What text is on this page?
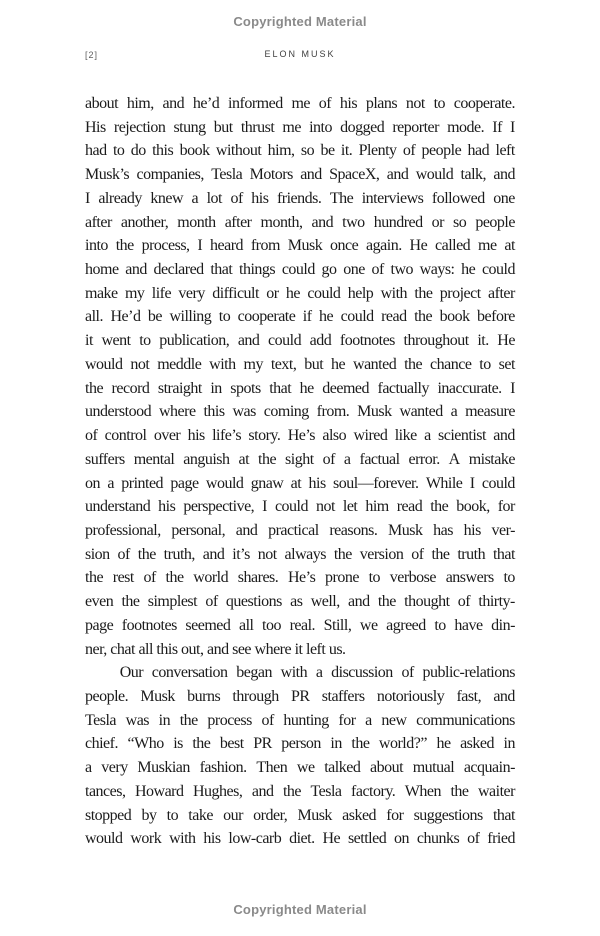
Copyrighted Material
[2]	ELON MUSK
about him, and he’d informed me of his plans not to cooperate.
His rejection stung but thrust me into dogged reporter mode. If I
had to do this book without him, so be it. Plenty of people had left
Musk’s companies, Tesla Motors and SpaceX, and would talk, and
I already knew a lot of his friends. The interviews followed one
after another, month after month, and two hundred or so people
into the process, I heard from Musk once again. He called me at
home and declared that things could go one of two ways: he could
make my life very difficult or he could help with the project after
all. He’d be willing to cooperate if he could read the book before
it went to publication, and could add footnotes throughout it. He
would not meddle with my text, but he wanted the chance to set
the record straight in spots that he deemed factually inaccurate. I
understood where this was coming from. Musk wanted a measure
of control over his life’s story. He’s also wired like a scientist and
suffers mental anguish at the sight of a factual error. A mistake
on a printed page would gnaw at his soul—forever. While I could
understand his perspective, I could not let him read the book, for
professional, personal, and practical reasons. Musk has his ver-
sion of the truth, and it’s not always the version of the truth that
the rest of the world shares. He’s prone to verbose answers to
even the simplest of questions as well, and the thought of thirty-
page footnotes seemed all too real. Still, we agreed to have din-
ner, chat all this out, and see where it left us.
Our conversation began with a discussion of public-relations
people. Musk burns through PR staffers notoriously fast, and
Tesla was in the process of hunting for a new communications
chief. “Who is the best PR person in the world?” he asked in
a very Muskian fashion. Then we talked about mutual acquain-
tances, Howard Hughes, and the Tesla factory. When the waiter
stopped by to take our order, Musk asked for suggestions that
would work with his low-carb diet. He settled on chunks of fried
Copyrighted Material
